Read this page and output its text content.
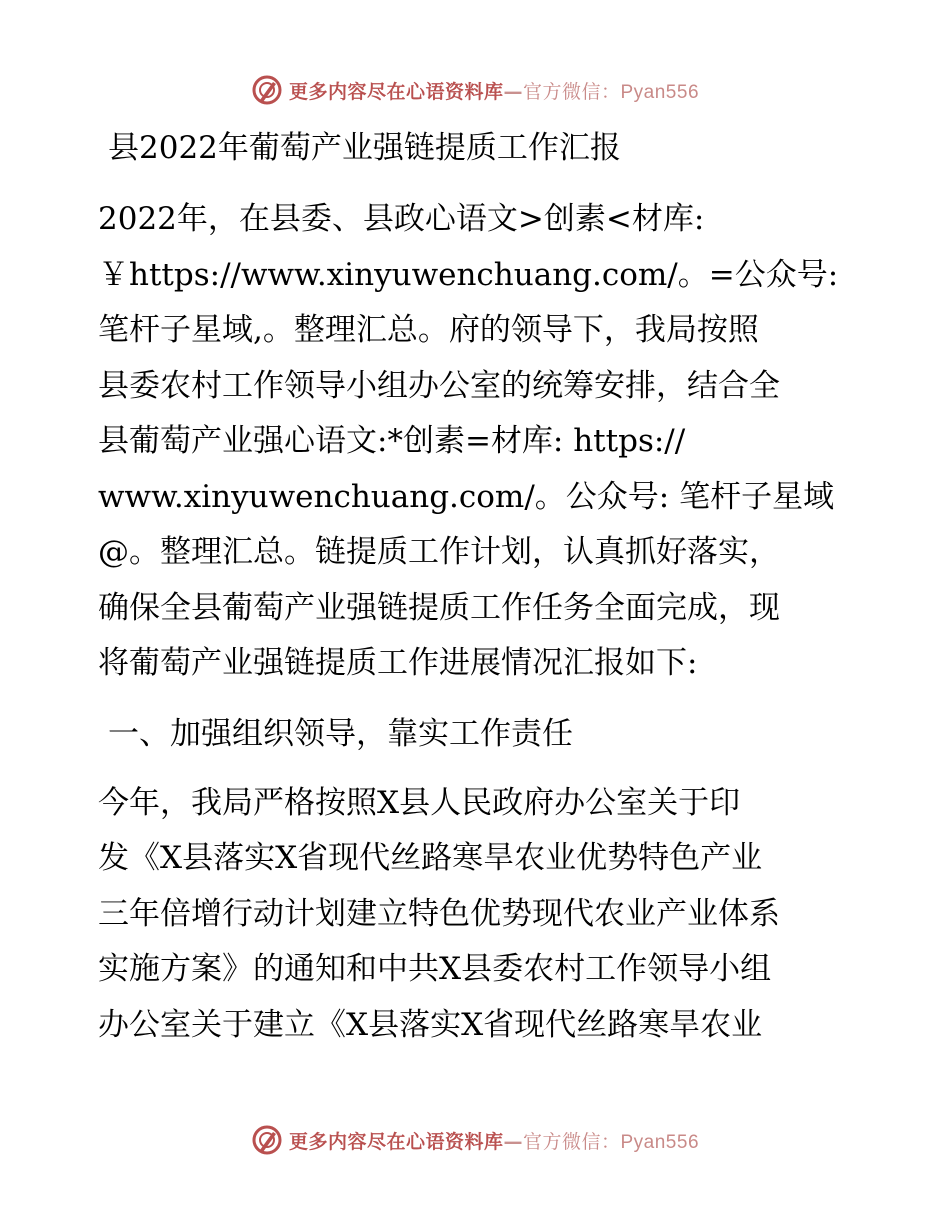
更多内容尽在心语资料库—官方微信：Pyan556
县2022年葡萄产业强链提质工作汇报

2022年，在县委、县政心语文>创素<材库:
￥https://www.xinyuwenchuang.com/。=公众号:
笔杆子星域,。整理汇总。府的领导下，我局按照
县委农村工作领导小组办公室的统筹安排，结合全
县葡萄产业强心语文:*创素=材库: https://
www.xinyuwenchuang.com/。公众号: 笔杆子星域
@。整理汇总。链提质工作计划，认真抓好落实，
确保全县葡萄产业强链提质工作任务全面完成，现
将葡萄产业强链提质工作进展情况汇报如下:

一、加强组织领导，靠实工作责任

今年，我局严格按照X县人民政府办公室关于印
发《X县落实X省现代丝路寒旱农业优势特色产业
三年倍增行动计划建立特色优势现代农业产业体系
实施方案》的通知和中共X县委农村工作领导小组
办公室关于建立《X县落实X省现代丝路寒旱农业

更多内容尽在心语资料库—官方微信：Pyan556
